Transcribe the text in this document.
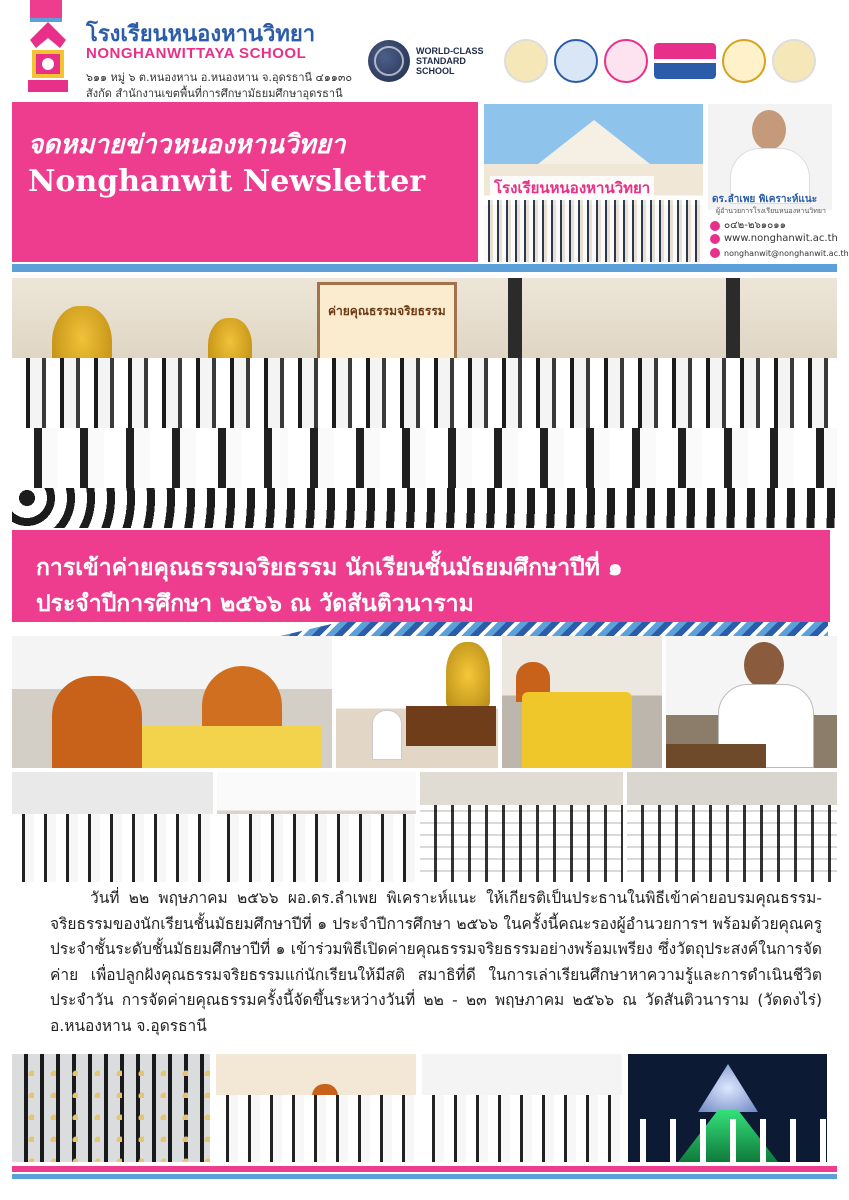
โรงเรียนหนองหานวิทยา
NONGHANWITTAYA SCHOOL
๖๑๑ หมู่ ๖ ต.หนองหาน อ.หนองหาน จ.อุดรธานี ๔๑๑๓๐
สังกัด สำนักงานเขตพื้นที่การศึกษามัธยมศึกษาอุดรธานี
WORLD-CLASS STANDARD SCHOOL
จดหมายข่าวหนองหานวิทยา
Nonghanwit Newsletter	โรงเรียนหนองหานวิทยา
ดร.ลำเพย พิเคราะห์แนะ
ผู้อำนวยการโรงเรียนหนองหานวิทยา
๐๔๒-๒๖๑๐๑๑
www.nonghanwit.ac.th
nonghanwit@nonghanwit.ac.th
ค่ายคุณธรรมจริยธรรม
การเข้าค่ายคุณธรรมจริยธรรม นักเรียนชั้นมัธยมศึกษาปีที่ ๑
ประจำปีการศึกษา ๒๕๖๖ ณ วัดสันติวนาราม

วันที่ ๒๒ พฤษภาคม ๒๕๖๖ ผอ.ดร.ลำเพย พิเคราะห์แนะ ให้เกียรติเป็นประธานในพิธีเข้าค่ายอบรมคุณธรรม-จริยธรรมของนักเรียนชั้นมัธยมศึกษาปีที่ ๑ ประจำปีการศึกษา ๒๕๖๖ ในครั้งนี้คณะรองผู้อำนวยการฯ พร้อมด้วยคุณครูประจำชั้นระดับชั้นมัธยมศึกษาปีที่ ๑ เข้าร่วมพิธีเปิดค่ายคุณธรรมจริยธรรมอย่างพร้อมเพรียง ซึ่งวัตถุประสงค์ในการจัดค่าย เพื่อปลูกฝังคุณธรรมจริยธรรมแก่นักเรียนให้มีสติ สมาธิที่ดี ในการเล่าเรียนศึกษาหาความรู้และการดำเนินชีวิตประจำวัน การจัดค่ายคุณธรรมครั้งนี้จัดขึ้นระหว่างวันที่ ๒๒ - ๒๓ พฤษภาคม ๒๕๖๖ ณ วัดสันติวนาราม (วัดดงไร่) อ.หนองหาน จ.อุดรธานี
